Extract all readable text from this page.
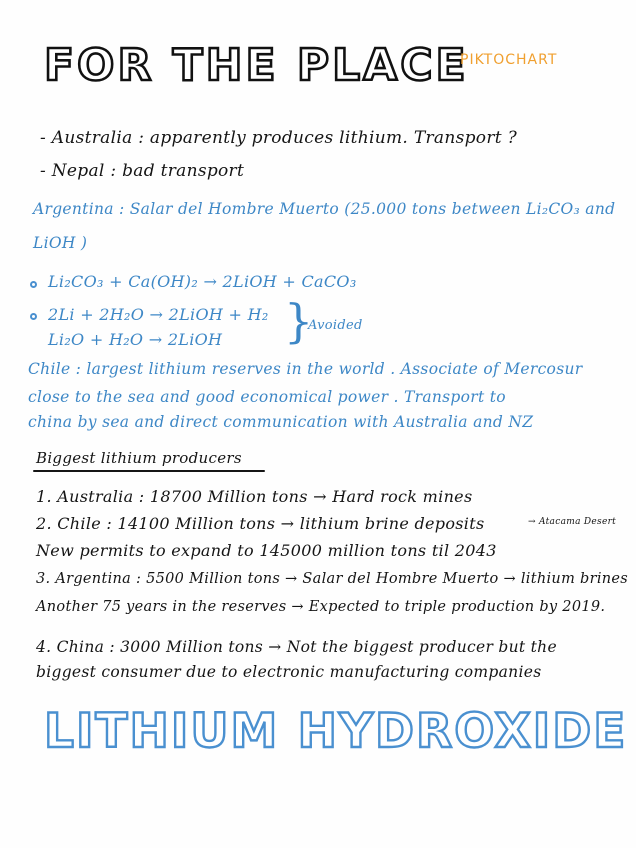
FOR THE PLACE
PIKTOCHART
- Australia : apparently produces lithium. Transport ?
- Nepal : bad transport
Argentina : Salar del Hombre Muerto (25.000 tons between Li₂CO₃ and
LiOH )
Li₂CO₃ + Ca(OH)₂ → 2LiOH + CaCO₃
2Li + 2H₂O → 2LiOH + H₂
Li₂O + H₂O → 2LiOH }
Avoided
Chile : largest lithium reserves in the world . Associate of Mercosur
close to the sea and good economical power . Transport to
china by sea and direct communication with Australia and NZ
Biggest lithium producers
1. Australia : 18700 Million tons → Hard rock mines
2. Chile : 14100 Million tons → lithium brine deposits	→ Atacama Desert
New permits to expand to 145000 million tons til 2043
3. Argentina : 5500 Million tons → Salar del Hombre Muerto → lithium brines
Another 75 years in the reserves → Expected to triple production by 2019.
4. China : 3000 Million tons → Not the biggest producer but the
biggest consumer due to electronic manufacturing companies
LITHIUM HYDROXIDE
